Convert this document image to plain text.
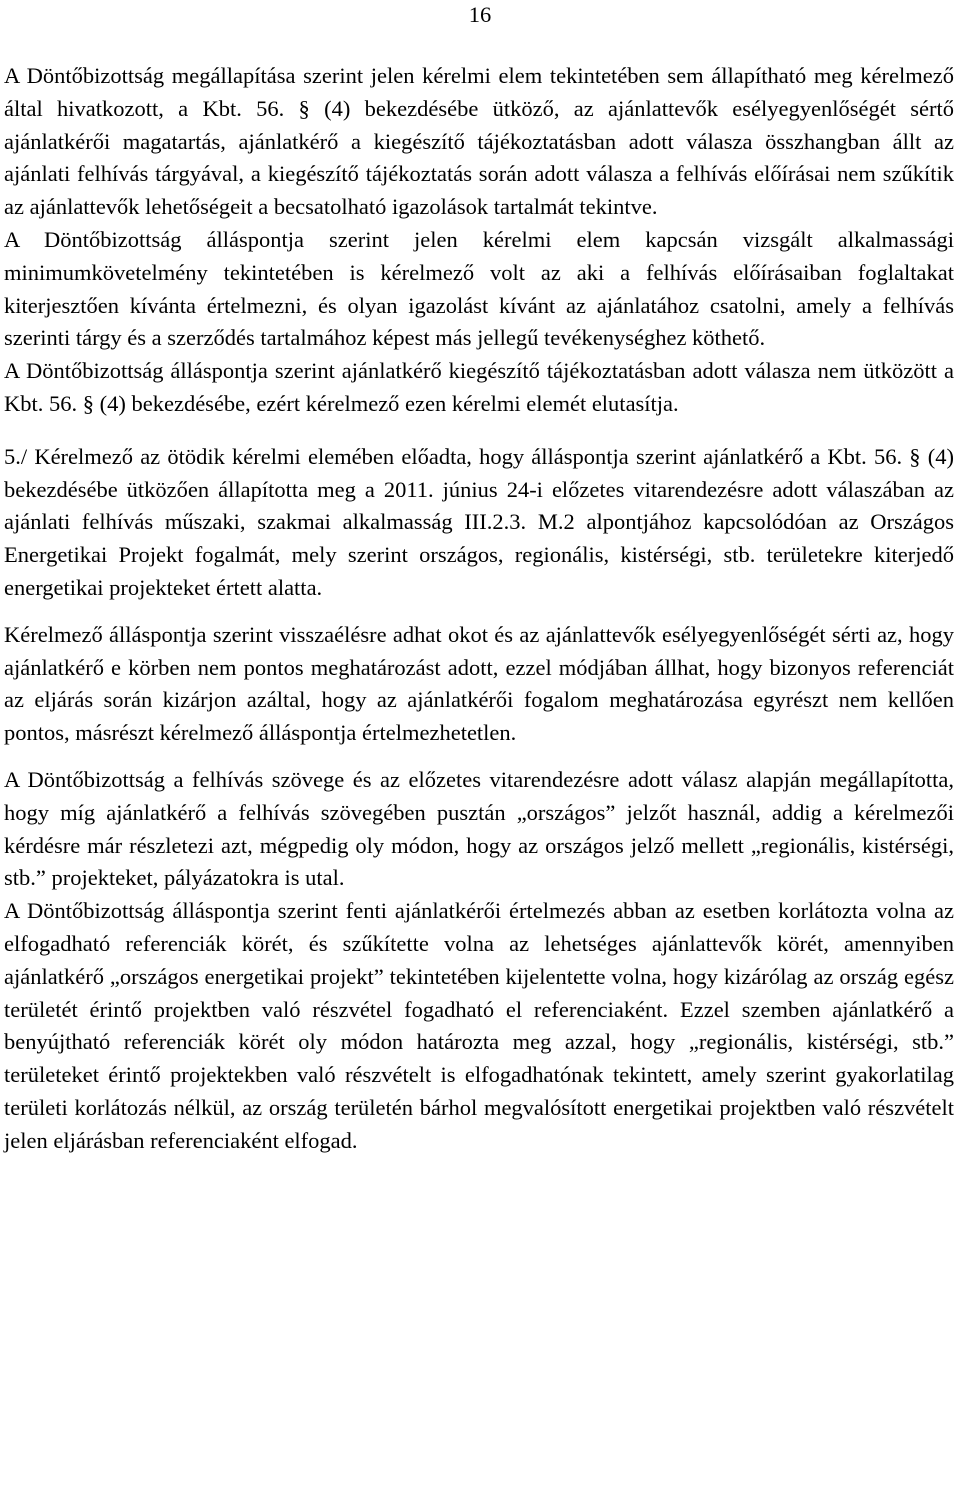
16

A Döntőbizottság megállapítása szerint jelen kérelmi elem tekintetében sem állapítható meg kérelmező által hivatkozott, a Kbt. 56. § (4) bekezdésébe ütköző, az ajánlattevők esélyegyenlőségét sértő ajánlatkérői magatartás, ajánlatkérő a kiegészítő tájékoztatásban adott válasza összhangban állt az ajánlati felhívás tárgyával, a kiegészítő tájékoztatás során adott válasza a felhívás előírásai nem szűkítik az ajánlattevők lehetőségeit a becsatolható igazolások tartalmát tekintve.

A Döntőbizottság álláspontja szerint jelen kérelmi elem kapcsán vizsgált alkalmassági minimumkövetelmény tekintetében is kérelmező volt az aki a felhívás előírásaiban foglaltakat kiterjesztően kívánta értelmezni, és olyan igazolást kívánt az ajánlatához csatolni, amely a felhívás szerinti tárgy és a szerződés tartalmához képest más jellegű tevékenységhez köthető.

A Döntőbizottság álláspontja szerint ajánlatkérő kiegészítő tájékoztatásban adott válasza nem ütközött a Kbt. 56. § (4) bekezdésébe, ezért kérelmező ezen kérelmi elemét elutasítja.

5./ Kérelmező az ötödik kérelmi elemében előadta, hogy álláspontja szerint ajánlatkérő a Kbt. 56. § (4) bekezdésébe ütközően állapította meg a 2011. június 24-i előzetes vitarendezésre adott válaszában az ajánlati felhívás műszaki, szakmai alkalmasság III.2.3. M.2 alpontjához kapcsolódóan az Országos Energetikai Projekt fogalmát, mely szerint országos, regionális, kistérségi, stb. területekre kiterjedő energetikai projekteket értett alatta.

Kérelmező álláspontja szerint visszaélésre adhat okot és az ajánlattevők esélyegyenlőségét sérti az, hogy ajánlatkérő e körben nem pontos meghatározást adott, ezzel módjában állhat, hogy bizonyos referenciát az eljárás során kizárjon azáltal, hogy az ajánlatkérői fogalom meghatározása egyrészt nem kellően pontos, másrészt kérelmező álláspontja értelmezhetetlen.

A Döntőbizottság a felhívás szövege és az előzetes vitarendezésre adott válasz alapján megállapította, hogy míg ajánlatkérő a felhívás szövegében pusztán „országos” jelzőt használ, addig a kérelmezői kérdésre már részletezi azt, mégpedig oly módon, hogy az országos jelző mellett „regionális, kistérségi, stb.” projekteket, pályázatokra is utal.

A Döntőbizottság álláspontja szerint fenti ajánlatkérői értelmezés abban az esetben korlátozta volna az elfogadható referenciák körét, és szűkítette volna az lehetséges ajánlattevők körét, amennyiben ajánlatkérő „országos energetikai projekt” tekintetében kijelentette volna, hogy kizárólag az ország egész területét érintő projektben való részvétel fogadható el referenciaként. Ezzel szemben ajánlatkérő a benyújtható referenciák körét oly módon határozta meg azzal, hogy „regionális, kistérségi, stb.” területeket érintő projektekben való részvételt is elfogadhatónak tekintett, amely szerint gyakorlatilag területi korlátozás nélkül, az ország területén bárhol megvalósított energetikai projektben való részvételt jelen eljárásban referenciaként elfogad.
